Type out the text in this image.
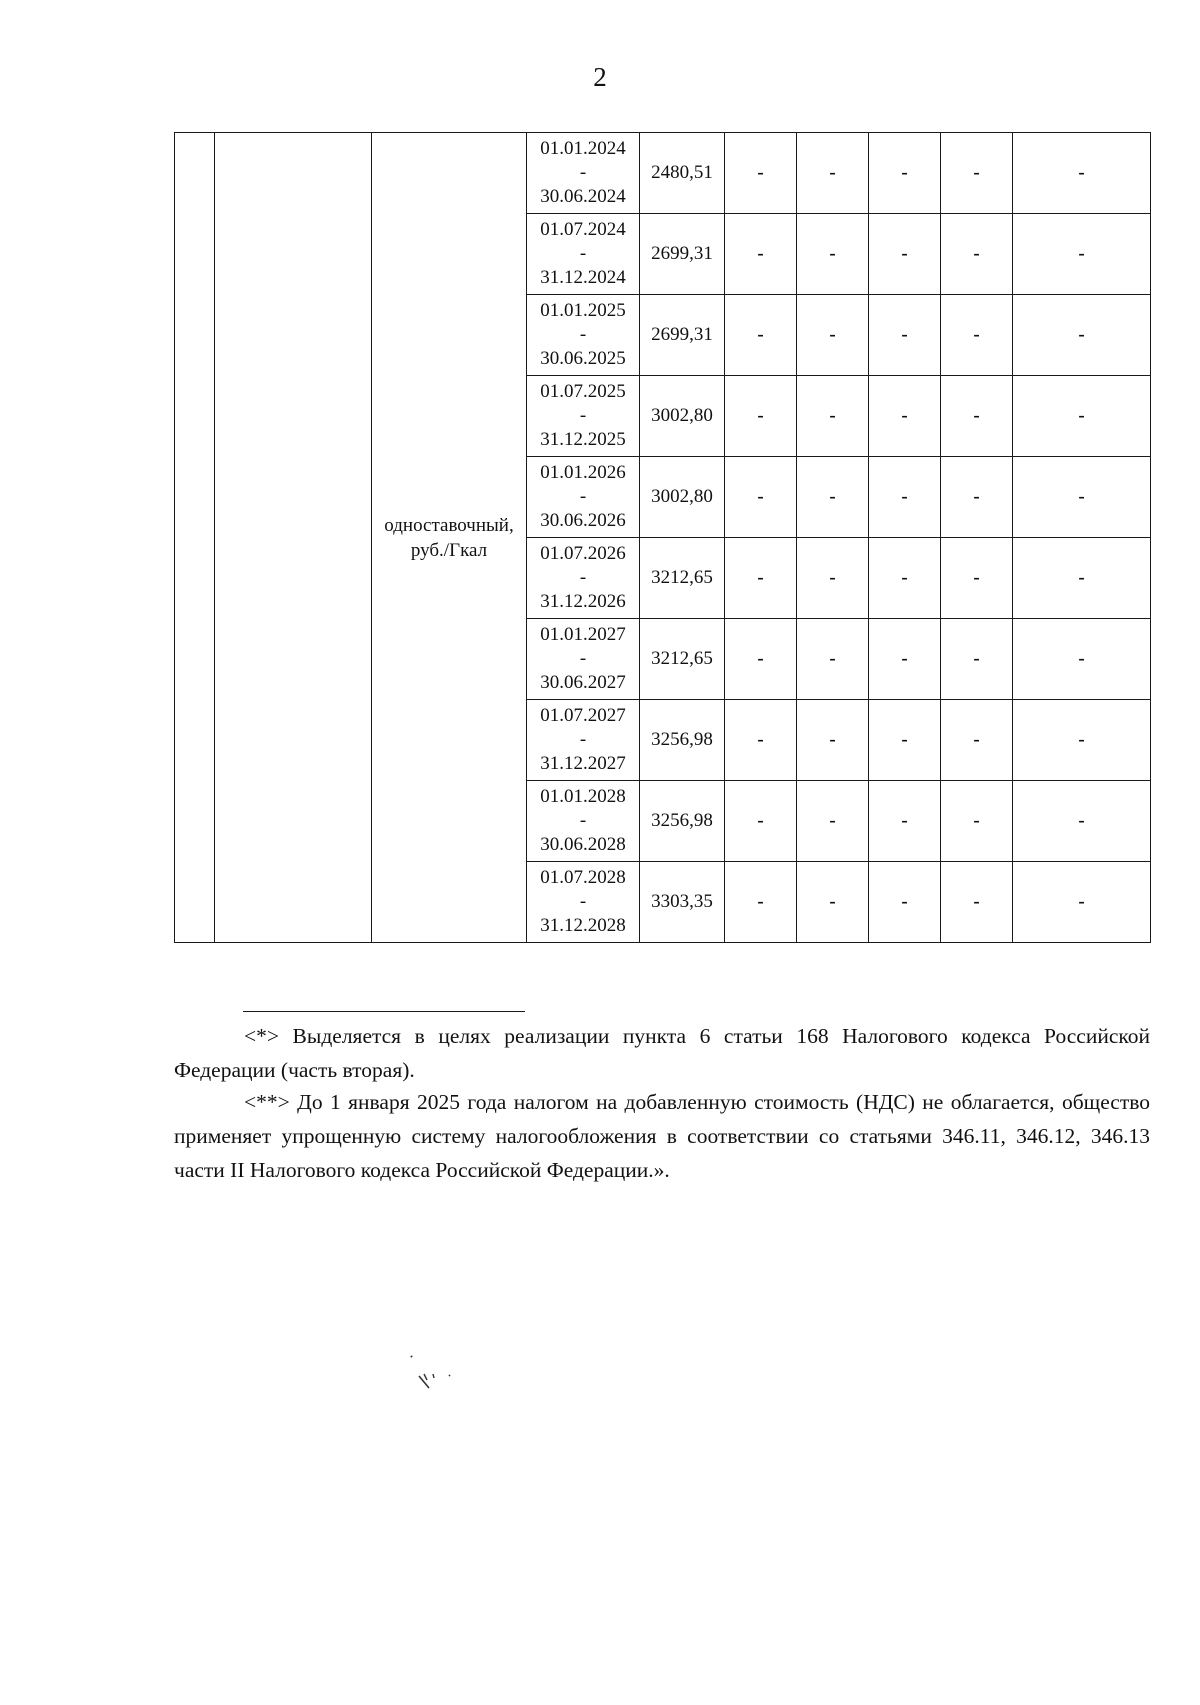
2

		одноставочный,
руб./Гкал	01.01.2024
-
30.06.2024	2480,51	-	-	-	-	-

			01.07.2024
-
31.12.2024	2699,31	-	-	-	-	-

			01.01.2025
-
30.06.2025	2699,31	-	-	-	-	-

			01.07.2025
-
31.12.2025	3002,80	-	-	-	-	-

			01.01.2026
-
30.06.2026	3002,80	-	-	-	-	-

			01.07.2026
-
31.12.2026	3212,65	-	-	-	-	-

			01.01.2027
-
30.06.2027	3212,65	-	-	-	-	-

			01.07.2027
-
31.12.2027	3256,98	-	-	-	-	-

			01.01.2028
-
30.06.2028	3256,98	-	-	-	-	-

			01.07.2028
-
31.12.2028	3303,35	-	-	-	-	-

<*> Выделяется в целях реализации пункта 6 статьи 168 Налогового кодекса Российской Федерации (часть вторая).

<**> До 1 января 2025 года налогом на добавленную стоимость (НДС) не облагается, общество применяет упрощенную систему налогообложения в соответствии со статьями 346.11, 346.12, 346.13 части II Налогового кодекса Российской Федерации.».
